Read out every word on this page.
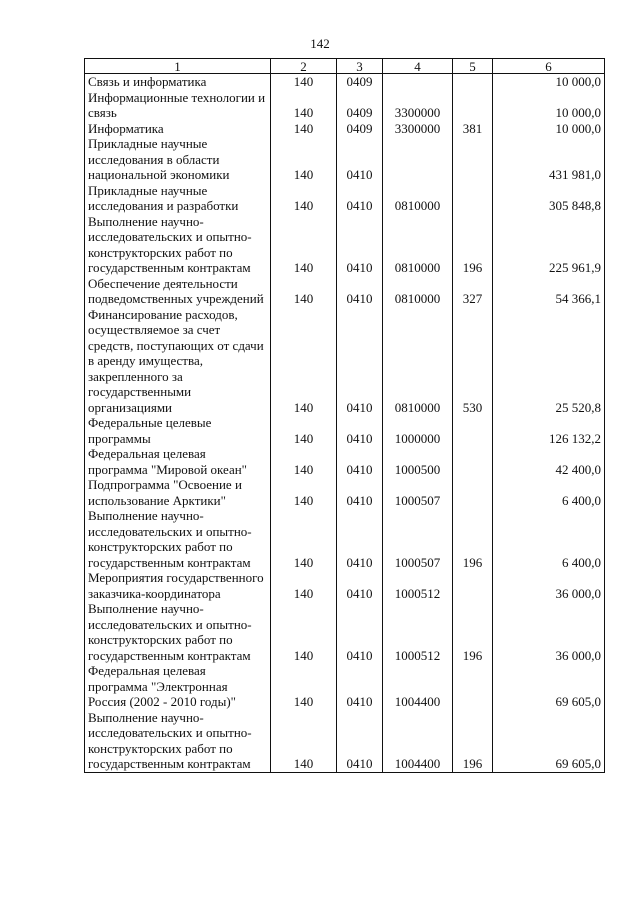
142
1	2	3	4	5	6
Связь и информатика	140	0409			10 000,0
Информационные технологии и связь	140	0409	3300000		10 000,0
Информатика	140	0409	3300000	381	10 000,0
Прикладные научные исследования в области национальной экономики	140	0410			431 981,0
Прикладные научные исследования и разработки	140	0410	0810000		305 848,8
Выполнение научно-исследовательских и опытно-конструкторских работ по государственным контрактам	140	0410	0810000	196	225 961,9
Обеспечение деятельности подведомственных учреждений	140	0410	0810000	327	54 366,1
Финансирование расходов, осуществляемое за счет средств, поступающих от сдачи в аренду имущества, закрепленного за государственными организациями	140	0410	0810000	530	25 520,8
Федеральные целевые программы	140	0410	1000000		126 132,2
Федеральная целевая программа "Мировой океан"	140	0410	1000500		42 400,0
Подпрограмма "Освоение и использование Арктики"	140	0410	1000507		6 400,0
Выполнение научно-исследовательских и опытно-конструкторских работ по государственным контрактам	140	0410	1000507	196	6 400,0
Мероприятия государственного заказчика-координатора	140	0410	1000512		36 000,0
Выполнение научно-исследовательских и опытно-конструкторских работ по государственным контрактам	140	0410	1000512	196	36 000,0
Федеральная целевая программа "Электронная Россия (2002 - 2010 годы)"	140	0410	1004400		69 605,0
Выполнение научно-исследовательских и опытно-конструкторских работ по государственным контрактам	140	0410	1004400	196	69 605,0
